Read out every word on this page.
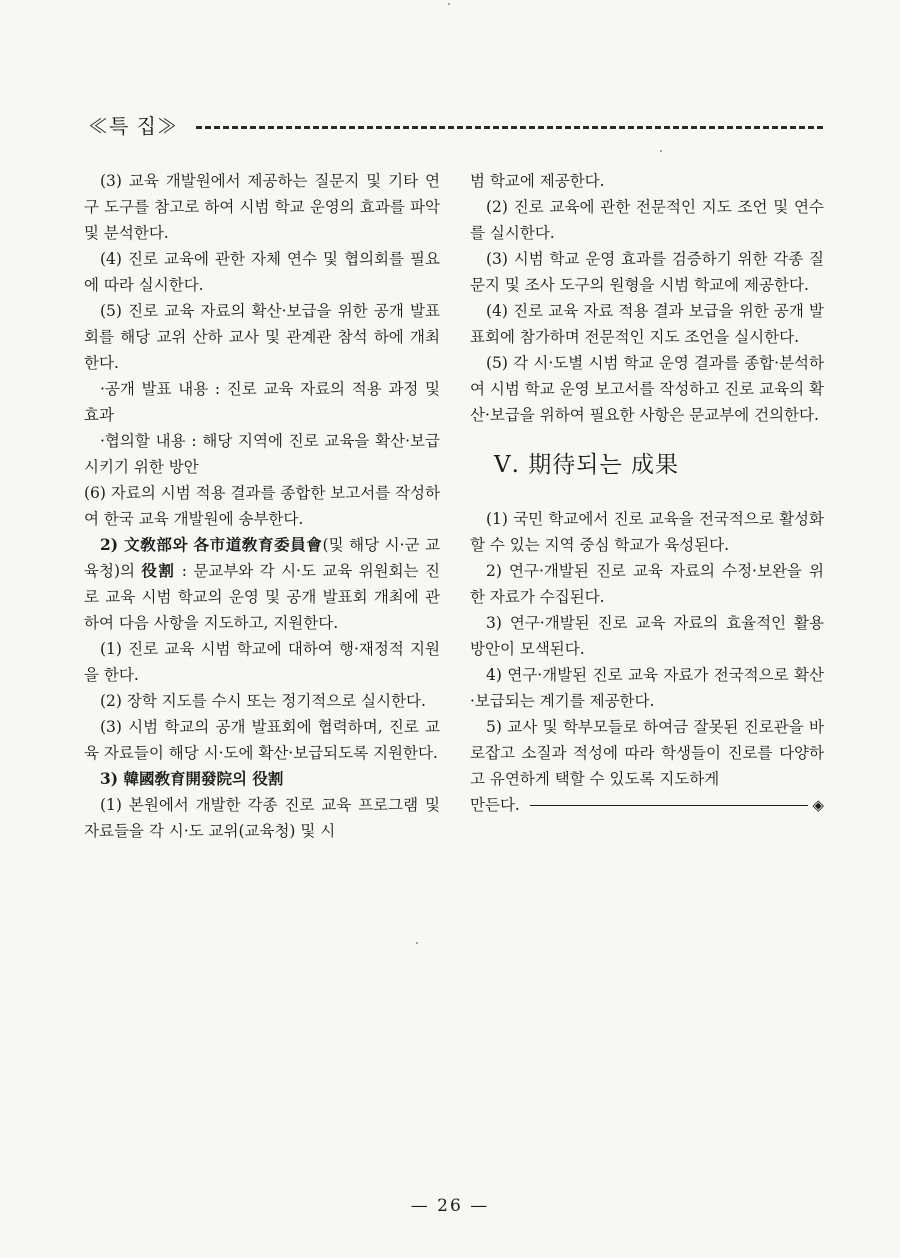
≪특 집≫

(3) 교육 개발원에서 제공하는 질문지 및 기타 연구 도구를 참고로 하여 시범 학교 운영의 효과를 파악 및 분석한다.

(4) 진로 교육에 관한 자체 연수 및 협의회를 필요에 따라 실시한다.

(5) 진로 교육 자료의 확산·보급을 위한 공개 발표회를 해당 교위 산하 교사 및 관계관 참석 하에 개최한다.

·공개 발표 내용 : 진로 교육 자료의 적용 과정 및 효과

·협의할 내용 : 해당 지역에 진로 교육을 확산·보급시키기 위한 방안

(6) 자료의 시범 적용 결과를 종합한 보고서를 작성하여 한국 교육 개발원에 송부한다.

2) 文敎部와 各市道敎育委員會(및 해당 시·군 교육청)의 役割 : 문교부와 각 시·도 교육 위원회는 진로 교육 시범 학교의 운영 및 공개 발표회 개최에 관하여 다음 사항을 지도하고, 지원한다.

(1) 진로 교육 시범 학교에 대하여 행·재정적 지원을 한다.

(2) 장학 지도를 수시 또는 정기적으로 실시한다.

(3) 시범 학교의 공개 발표회에 협력하며, 진로 교육 자료들이 해당 시·도에 확산·보급되도록 지원한다.

3) 韓國敎育開發院의 役割

(1) 본원에서 개발한 각종 진로 교육 프로그램 및 자료들을 각 시·도 교위(교육청) 및 시

범 학교에 제공한다.

(2) 진로 교육에 관한 전문적인 지도 조언 및 연수를 실시한다.

(3) 시범 학교 운영 효과를 검증하기 위한 각종 질문지 및 조사 도구의 원형을 시범 학교에 제공한다.

(4) 진로 교육 자료 적용 결과 보급을 위한 공개 발표회에 참가하며 전문적인 지도 조언을 실시한다.

(5) 각 시·도별 시범 학교 운영 결과를 종합·분석하여 시범 학교 운영 보고서를 작성하고 진로 교육의 확산·보급을 위하여 필요한 사항은 문교부에 건의한다.

Ⅴ. 期待되는 成果

(1) 국민 학교에서 진로 교육을 전국적으로 활성화할 수 있는 지역 중심 학교가 육성된다.

2) 연구·개발된 진로 교육 자료의 수정·보완을 위한 자료가 수집된다.

3) 연구·개발된 진로 교육 자료의 효율적인 활용 방안이 모색된다.

4) 연구·개발된 진로 교육 자료가 전국적으로 확산·보급되는 계기를 제공한다.

5) 교사 및 학부모들로 하여금 잘못된 진로관을 바로잡고 소질과 적성에 따라 학생들이 진로를 다양하고 유연하게 택할 수 있도록 지도하게

만든다.	◈
— 26 —
